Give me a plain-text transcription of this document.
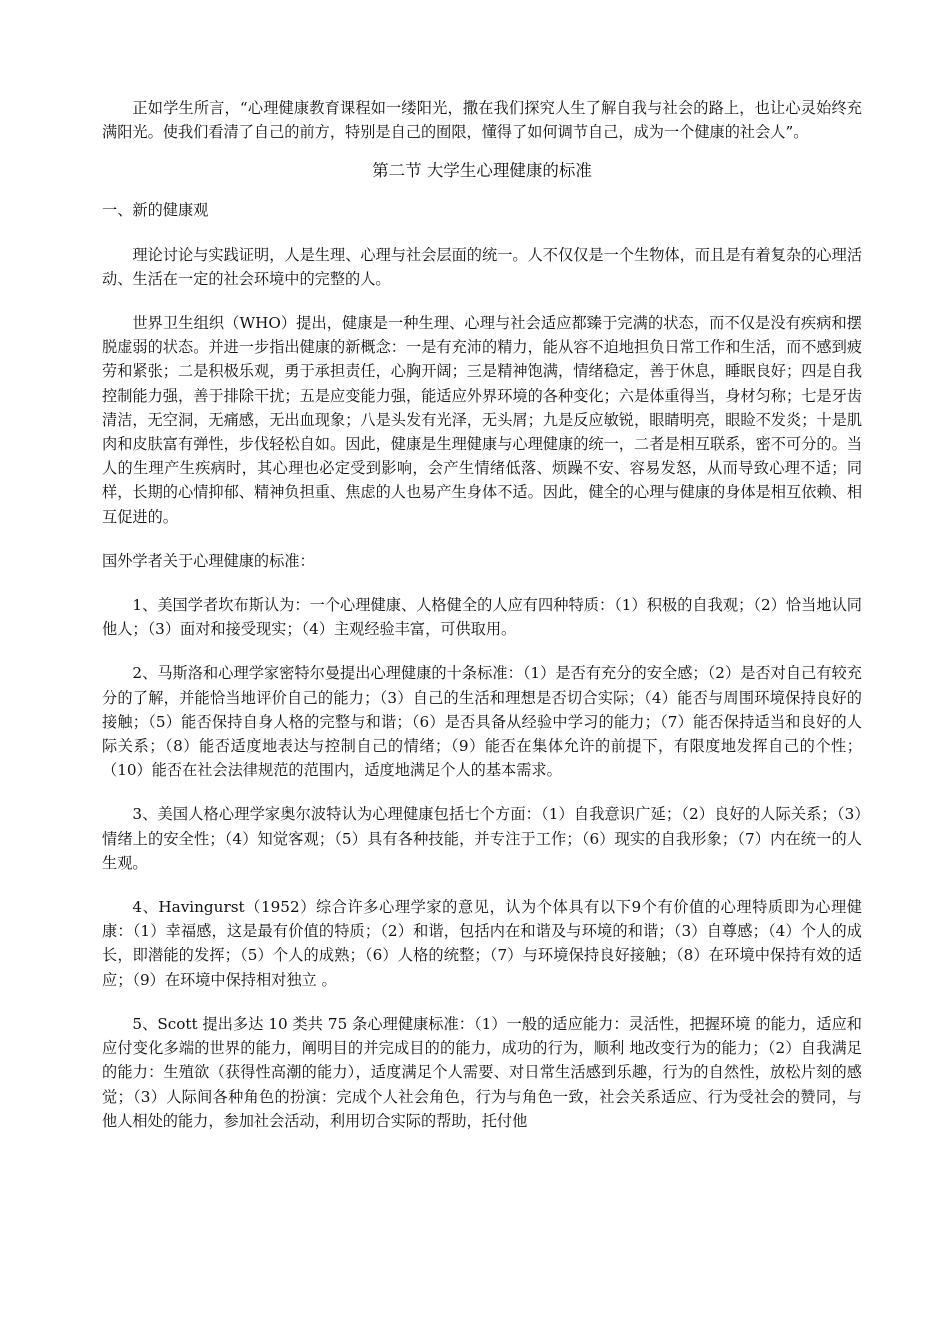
正如学生所言，“心理健康教育课程如一缕阳光，撒在我们探究人生了解自我与社会的路上，也让心灵始终充满阳光。使我们看清了自己的前方，特别是自己的囿限，懂得了如何调节自己，成为一个健康的社会人”。

第二节 大学生心理健康的标准

一、新的健康观

理论讨论与实践证明，人是生理、心理与社会层面的统一。人不仅仅是一个生物体，而且是有着复杂的心理活动、生活在一定的社会环境中的完整的人。

世界卫生组织（WHO）提出，健康是一种生理、心理与社会适应都臻于完满的状态，而不仅是没有疾病和摆脱虚弱的状态。并进一步指出健康的新概念：一是有充沛的精力，能从容不迫地担负日常工作和生活，而不感到疲劳和紧张；二是积极乐观，勇于承担责任，心胸开阔；三是精神饱满，情绪稳定，善于休息，睡眠良好；四是自我控制能力强，善于排除干扰；五是应变能力强，能适应外界环境的各种变化；六是体重得当，身材匀称；七是牙齿清洁，无空洞，无痛感，无出血现象；八是头发有光泽，无头屑；九是反应敏锐，眼睛明亮，眼睑不发炎；十是肌肉和皮肤富有弹性，步伐轻松自如。因此，健康是生理健康与心理健康的统一，二者是相互联系，密不可分的。当人的生理产生疾病时，其心理也必定受到影响，会产生情绪低落、烦躁不安、容易发怒，从而导致心理不适；同样，长期的心情抑郁、精神负担重、焦虑的人也易产生身体不适。因此，健全的心理与健康的身体是相互依赖、相互促进的。

国外学者关于心理健康的标准：

1、美国学者坎布斯认为：一个心理健康、人格健全的人应有四种特质：（1）积极的自我观；（2）恰当地认同他人；（3）面对和接受现实；（4）主观经验丰富，可供取用。

2、马斯洛和心理学家密特尔曼提出心理健康的十条标准：（1）是否有充分的安全感；（2）是否对自己有较充分的了解，并能恰当地评价自己的能力；（3）自己的生活和理想是否切合实际；（4）能否与周围环境保持良好的接触；（5）能否保持自身人格的完整与和谐；（6）是否具备从经验中学习的能力；（7）能否保持适当和良好的人际关系；（8）能否适度地表达与控制自己的情绪；（9）能否在集体允许的前提下，有限度地发挥自己的个性；（10）能否在社会法律规范的范围内，适度地满足个人的基本需求。

3、美国人格心理学家奥尔波特认为心理健康包括七个方面：（1）自我意识广延；（2）良好的人际关系；（3）情绪上的安全性；（4）知觉客观；（5）具有各种技能，并专注于工作；（6）现实的自我形象；（7）内在统一的人生观。

4、Havingurst（1952）综合许多心理学家的意见，认为个体具有以下9个有价值的心理特质即为心理健康：（1）幸福感，这是最有价值的特质；（2）和谐，包括内在和谐及与环境的和谐；（3）自尊感；（4）个人的成长，即潜能的发挥；（5）个人的成熟；（6）人格的统整；（7）与环境保持良好接触；（8）在环境中保持有效的适应；（9）在环境中保持相对独立 。

5、Scott 提出多达 10 类共 75 条心理健康标准：（1）一般的适应能力：灵活性，把握环境 的能力，适应和应付变化多端的世界的能力，阐明目的并完成目的的能力，成功的行为，顺利 地改变行为的能力；（2）自我满足的能力：生殖欲（获得性高潮的能力），适度满足个人需要、对日常生活感到乐趣，行为的自然性，放松片刻的感觉；（3）人际间各种角色的扮演：完成个人社会角色，行为与角色一致，社会关系适应、行为受社会的赞同，与他人相处的能力，参加社会活动，利用切合实际的帮助，托付他
